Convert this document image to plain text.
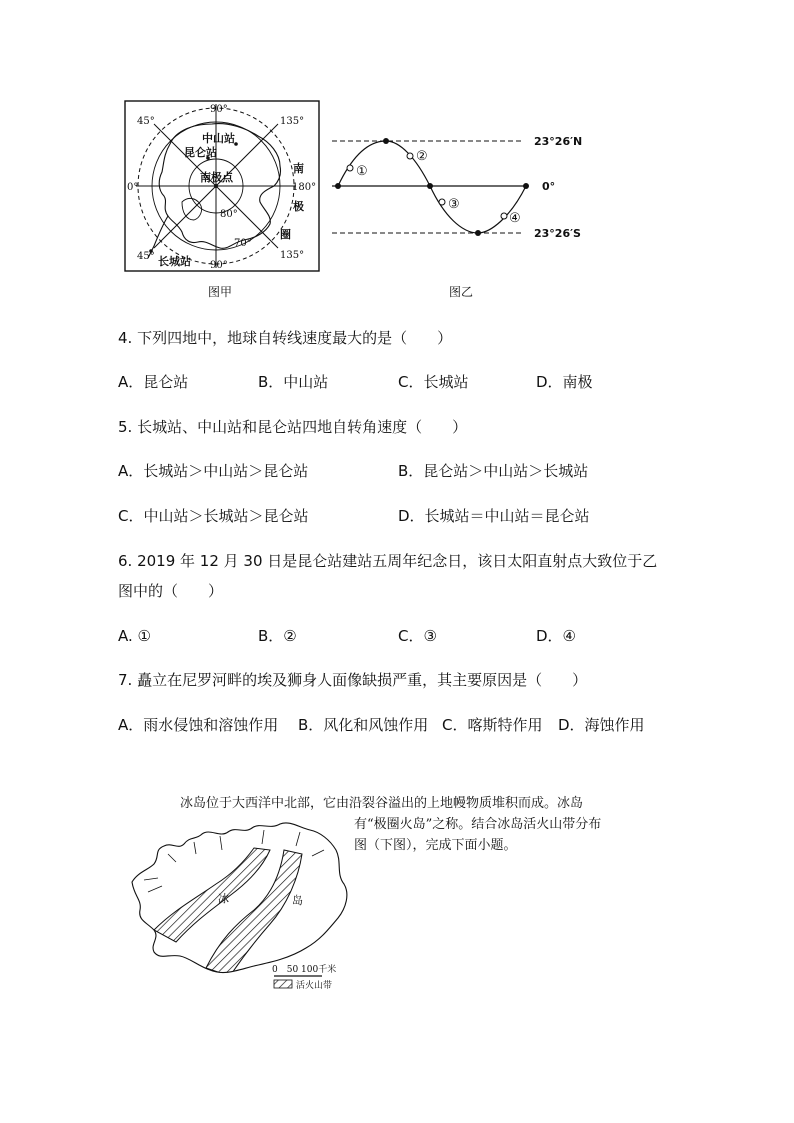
90°
45°	135°
0°	180°
45°	135°
90°
80°
70°
中山站
昆仑站
南极点
长城站
南
极
圈
图甲
①
②
③
④
23°26′N
0°
23°26′S
图乙
4. 下列四地中，地球自转线速度最大的是（　　）
A．昆仑站	B．中山站	C．长城站	D．南极
5. 长城站、中山站和昆仑站四地自转角速度（　　）
A．长城站＞中山站＞昆仑站	B．昆仑站＞中山站＞长城站
C．中山站＞长城站＞昆仑站	D．长城站＝中山站＝昆仑站
6. 2019 年 12 月 30 日是昆仑站建站五周年纪念日，该日太阳直射点大致位于乙
图中的（　　）
A. ①	B．②	C．③	D．④
7. 矗立在尼罗河畔的埃及狮身人面像缺损严重，其主要原因是（　　）
A．雨水侵蚀和溶蚀作用 B．风化和风蚀作用 C．喀斯特作用 D．海蚀作用
冰岛位于大西洋中北部，它由沿裂谷溢出的上地幔物质堆积而成。冰岛
有“极圈火岛”之称。结合冰岛活火山带分布
图（下图），完成下面小题。
冰	岛
0　50 100千米
活火山带
